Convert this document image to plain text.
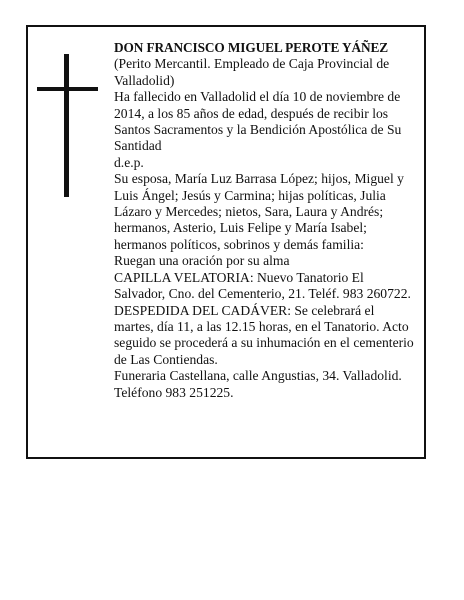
DON FRANCISCO MIGUEL PEROTE YÁÑEZ

(Perito Mercantil. Empleado de Caja Provincial de Valladolid)

Ha fallecido en Valladolid el día 10 de noviembre de 2014, a los 85 años de edad, después de recibir los Santos Sacramentos y la Bendición Apostólica de Su Santidad

d.e.p.

Su esposa, María Luz Barrasa López; hijos, Miguel y Luis Ángel; Jesús y Carmina; hijas políticas, Julia Lázaro y Mercedes; nietos, Sara, Laura y Andrés; hermanos, Asterio, Luis Felipe y María Isabel; hermanos políticos, sobrinos y demás familia:

Ruegan una oración por su alma

CAPILLA VELATORIA: Nuevo Tanatorio El Salvador, Cno. del Cementerio, 21. Teléf. 983 260722.

DESPEDIDA DEL CADÁVER: Se celebrará el martes, día 11, a las 12.15 horas, en el Tanatorio. Acto seguido se procederá a su inhumación en el cementerio de Las Contiendas.

Funeraria Castellana, calle Angustias, 34. Valladolid. Teléfono 983 251225.
